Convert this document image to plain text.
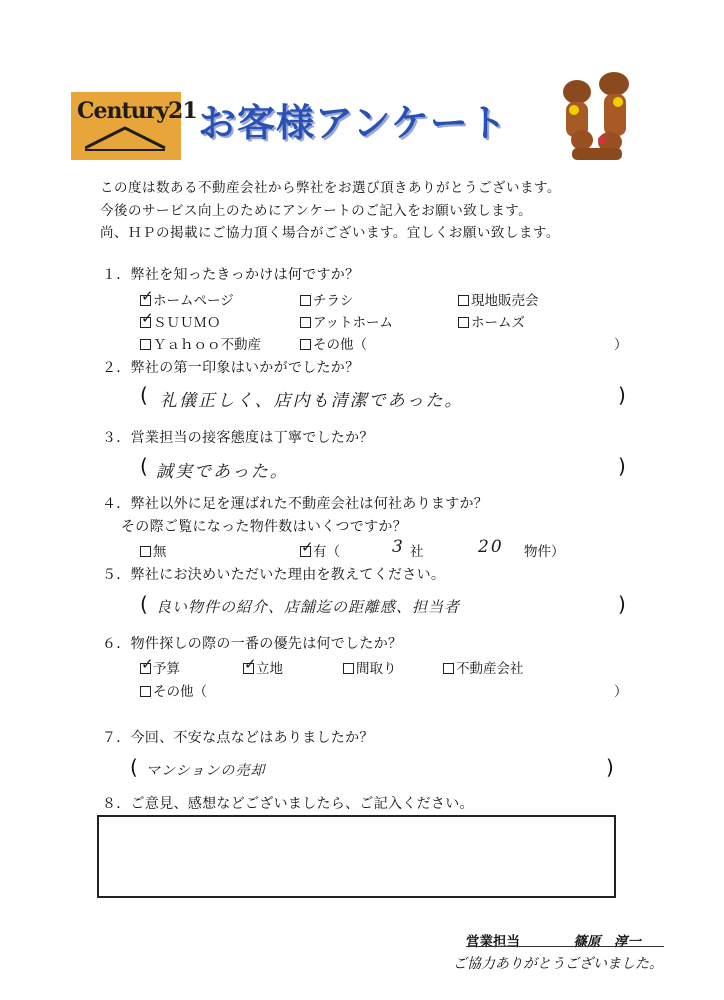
Century21 お客様アンケート
この度は数ある不動産会社から弊社をお選び頂きありがとうございます。
今後のサービス向上のためにアンケートのご記入をお願い致します。
尚、ＨＰの掲載にご協力頂く場合がございます。宜しくお願い致します。
１．弊社を知ったきっかけは何ですか？
✓ホームページ	チラシ	現地販売会
✓ＳＵＵＭＯ	アットホーム	ホームズ
Ｙａｈｏｏ不動産	その他（	）
２．弊社の第一印象はいかがでしたか？
( 礼儀正しく、店内も清潔であった。	)
３．営業担当の接客態度は丁寧でしたか？
( 誠実であった。	)
４．弊社以外に足を運ばれた不動産会社は何社ありますか？
その際ご覧になった物件数はいくつですか？
無 ✓	有（	3 社	20 物件）
５．弊社にお決めいただいた理由を教えてください。
( 良い物件の紹介、店舗迄の距離感、担当者	)
６．物件探しの際の一番の優先は何でしたか？
✓予算 ✓	立地	間取り	不動産会社
その他（	）
７．今回、不安な点などはありましたか？
( マンションの売却	)
８．ご意見、感想などございましたら、ご記入ください。
営業担当	篠原　淳一
ご協力ありがとうございました。
